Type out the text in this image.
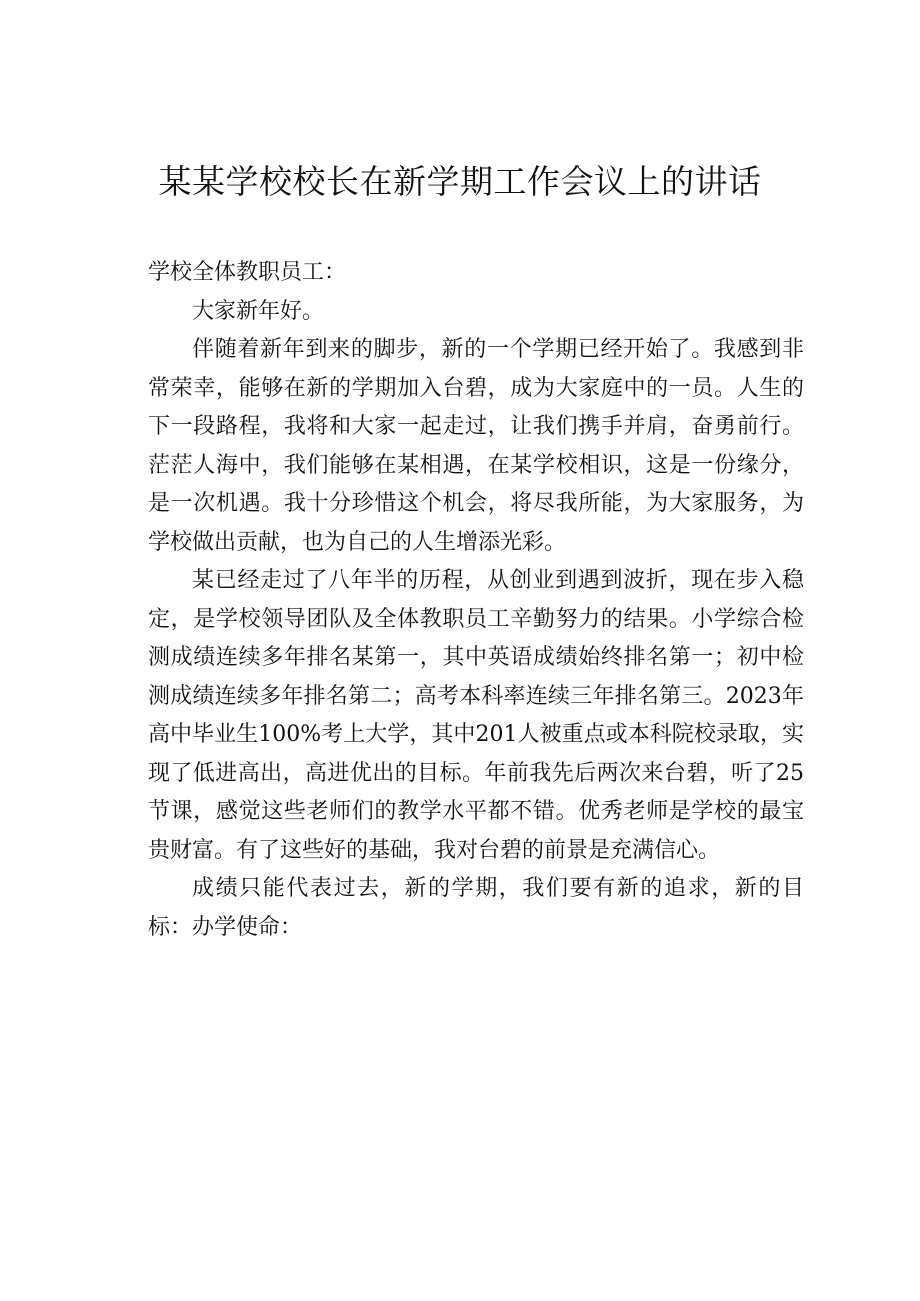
某某学校校长在新学期工作会议上的讲话

学校全体教职员工：

大家新年好。

伴随着新年到来的脚步，新的一个学期已经开始了。我感到非常荣幸，能够在新的学期加入台碧，成为大家庭中的一员。人生的下一段路程，我将和大家一起走过，让我们携手并肩，奋勇前行。茫茫人海中，我们能够在某相遇，在某学校相识，这是一份缘分，是一次机遇。我十分珍惜这个机会，将尽我所能，为大家服务，为学校做出贡献，也为自己的人生增添光彩。

某已经走过了八年半的历程，从创业到遇到波折，现在步入稳定，是学校领导团队及全体教职员工辛勤努力的结果。小学综合检测成绩连续多年排名某第一，其中英语成绩始终排名第一；初中检测成绩连续多年排名第二；高考本科率连续三年排名第三。2023年高中毕业生100%考上大学，其中201人被重点或本科院校录取，实现了低进高出，高进优出的目标。年前我先后两次来台碧，听了25节课，感觉这些老师们的教学水平都不错。优秀老师是学校的最宝贵财富。有了这些好的基础，我对台碧的前景是充满信心。

成绩只能代表过去，新的学期，我们要有新的追求，新的目标：办学使命：
